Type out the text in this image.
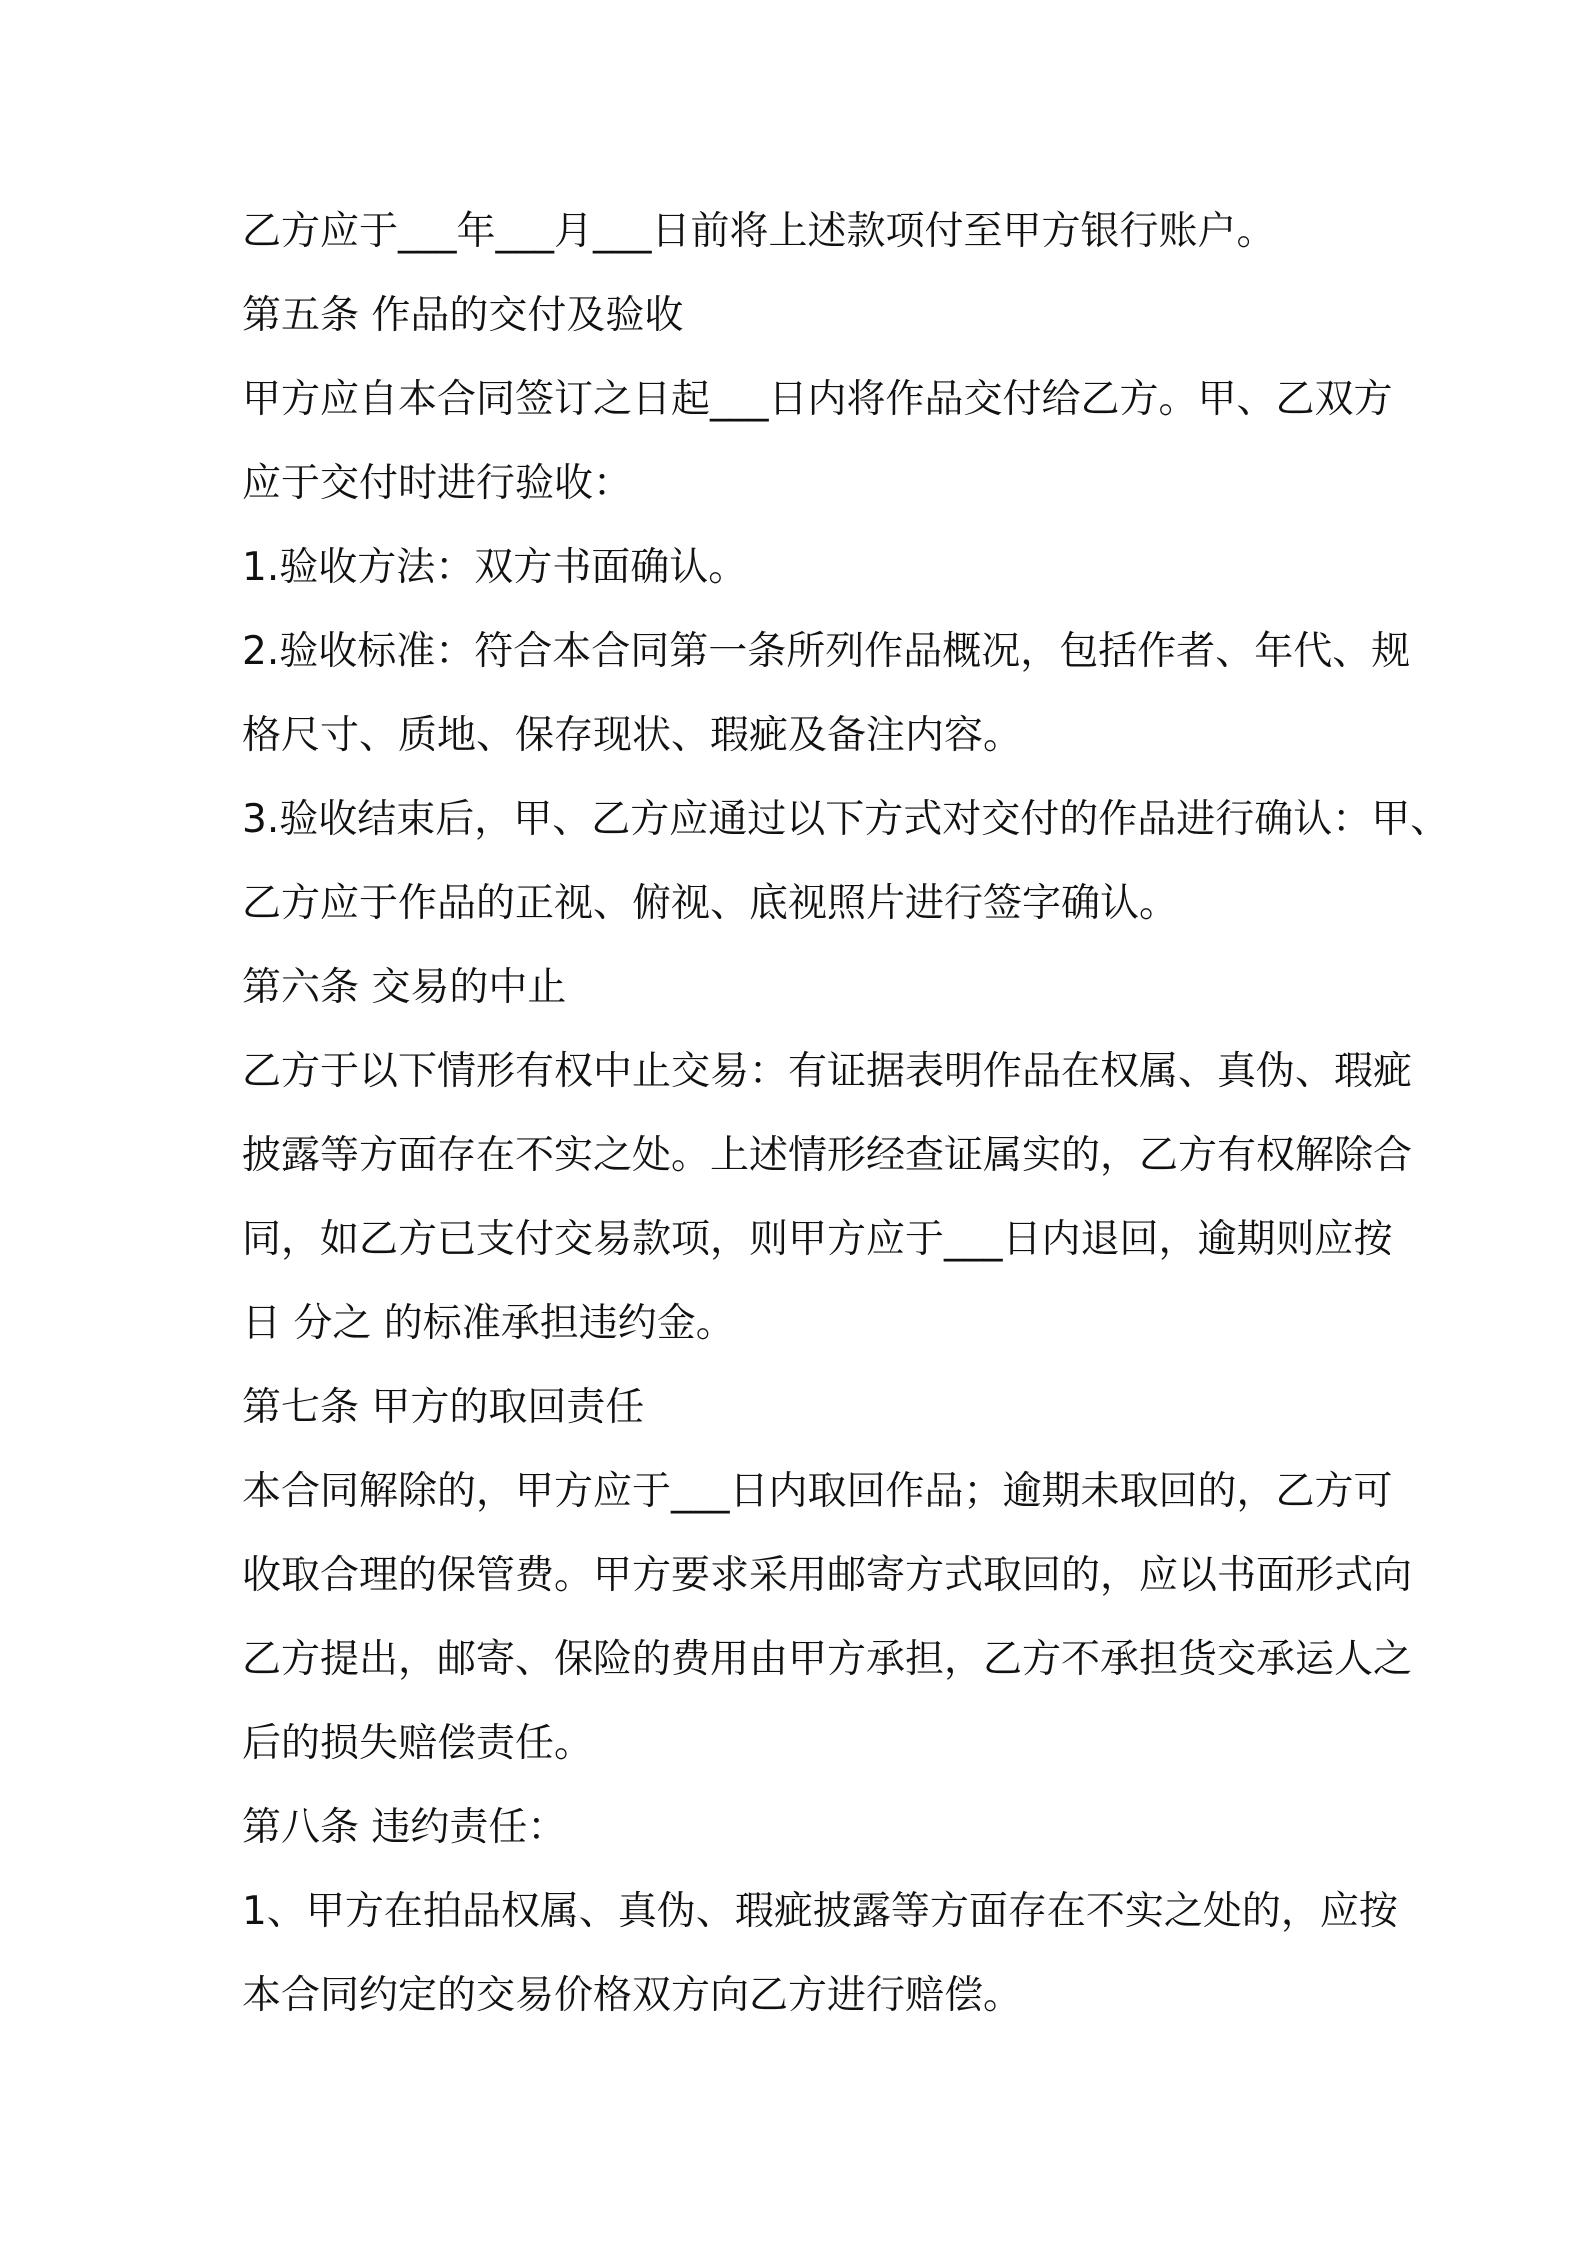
乙方应于___年___月___日前将上述款项付至甲方银行账户。
第五条 作品的交付及验收
甲方应自本合同签订之日起___日内将作品交付给乙方。甲、乙双方
应于交付时进行验收：
1.验收方法：双方书面确认。
2.验收标准：符合本合同第一条所列作品概况，包括作者、年代、规
格尺寸、质地、保存现状、瑕疵及备注内容。
3.验收结束后，甲、乙方应通过以下方式对交付的作品进行确认：甲、
乙方应于作品的正视、俯视、底视照片进行签字确认。
第六条 交易的中止
乙方于以下情形有权中止交易：有证据表明作品在权属、真伪、瑕疵
披露等方面存在不实之处。上述情形经查证属实的，乙方有权解除合
同，如乙方已支付交易款项，则甲方应于___日内退回，逾期则应按
日 分之 的标准承担违约金。
第七条 甲方的取回责任
本合同解除的，甲方应于___日内取回作品；逾期未取回的，乙方可
收取合理的保管费。甲方要求采用邮寄方式取回的，应以书面形式向
乙方提出，邮寄、保险的费用由甲方承担，乙方不承担货交承运人之
后的损失赔偿责任。
第八条 违约责任：
1、甲方在拍品权属、真伪、瑕疵披露等方面存在不实之处的，应按
本合同约定的交易价格双方向乙方进行赔偿。
